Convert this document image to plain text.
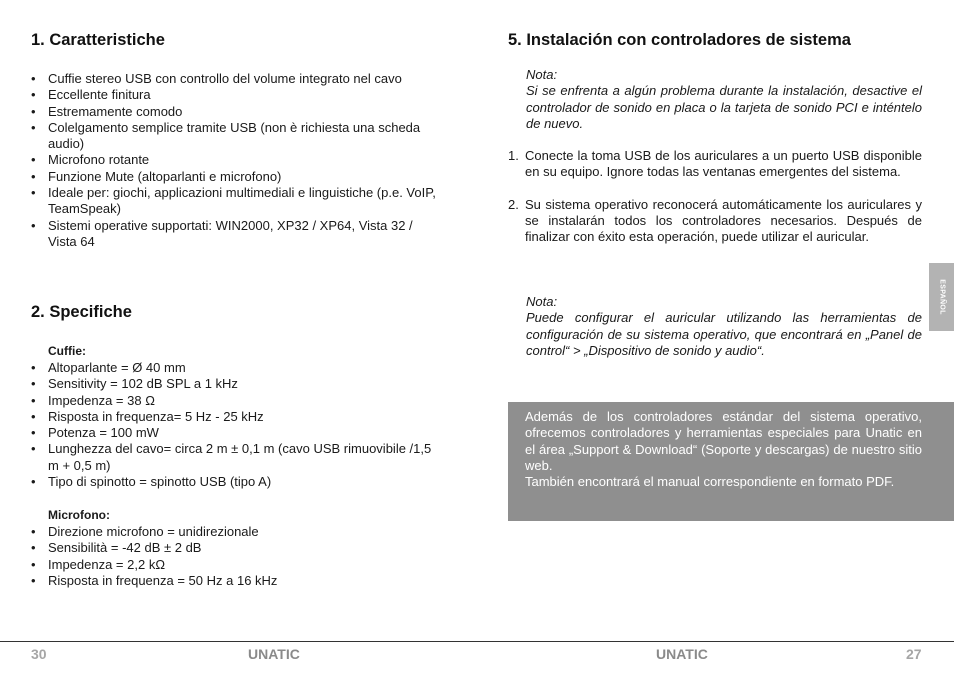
1. Caratteristiche
• Cuffie stereo USB con controllo del volume integrato nel cavo
• Eccellente finitura
• Estremamente comodo
• Colelgamento semplice tramite USB (non è richiesta una scheda audio)
• Microfono rotante
• Funzione Mute (altoparlanti e microfono)
• Ideale per: giochi, applicazioni multimediali e linguistiche (p.e. VoIP, TeamSpeak)
• Sistemi operative supportati: WIN2000, XP32 / XP64, Vista 32 / Vista 64
2. Specifiche
Cuffie:
• Altoparlante = Ø 40 mm
• Sensitivity = 102 dB SPL a 1 kHz
• Impedenza = 38 Ω
• Risposta in frequenza= 5 Hz - 25 kHz
• Potenza = 100 mW
• Lunghezza del cavo= circa 2 m ± 0,1 m (cavo USB rimuovibile /1,5 m + 0,5 m)
• Tipo di spinotto = spinotto USB (tipo A)
Microfono:
• Direzione microfono = unidirezionale
• Sensibilità = -42 dB ± 2 dB
• Impedenza = 2,2 kΩ
• Risposta in frequenza = 50 Hz a 16 kHz
5. Instalación con controladores de sistema
Nota:
Si se enfrenta a algún problema durante la instalación, desactive el controlador de sonido en placa o la tarjeta de sonido PCI e inténtelo de nuevo.
1. Conecte la toma USB de los auriculares a un puerto USB disponible en su equipo. Ignore todas las ventanas emergentes del sistema.
2. Su sistema operativo reconocerá automáticamente los auriculares y se instalarán todos los controladores necesarios. Después de finalizar con éxito esta operación, puede utilizar el auricular.
Nota:
Puede configurar el auricular utilizando las herramientas de configuración de su sistema operativo, que encontrará en „Panel de control“ > „Dispositivo de sonido y audio“.

Además de los controladores estándar del sistema operativo, ofrecemos controladores y herramientas especiales para Unatic en el área „Support & Download“ (Soporte y descargas) de nuestro sitio web.

También encontrará el manual correspondiente en formato PDF.

ESPAÑOL
30	UNATIC	UNATIC	27
